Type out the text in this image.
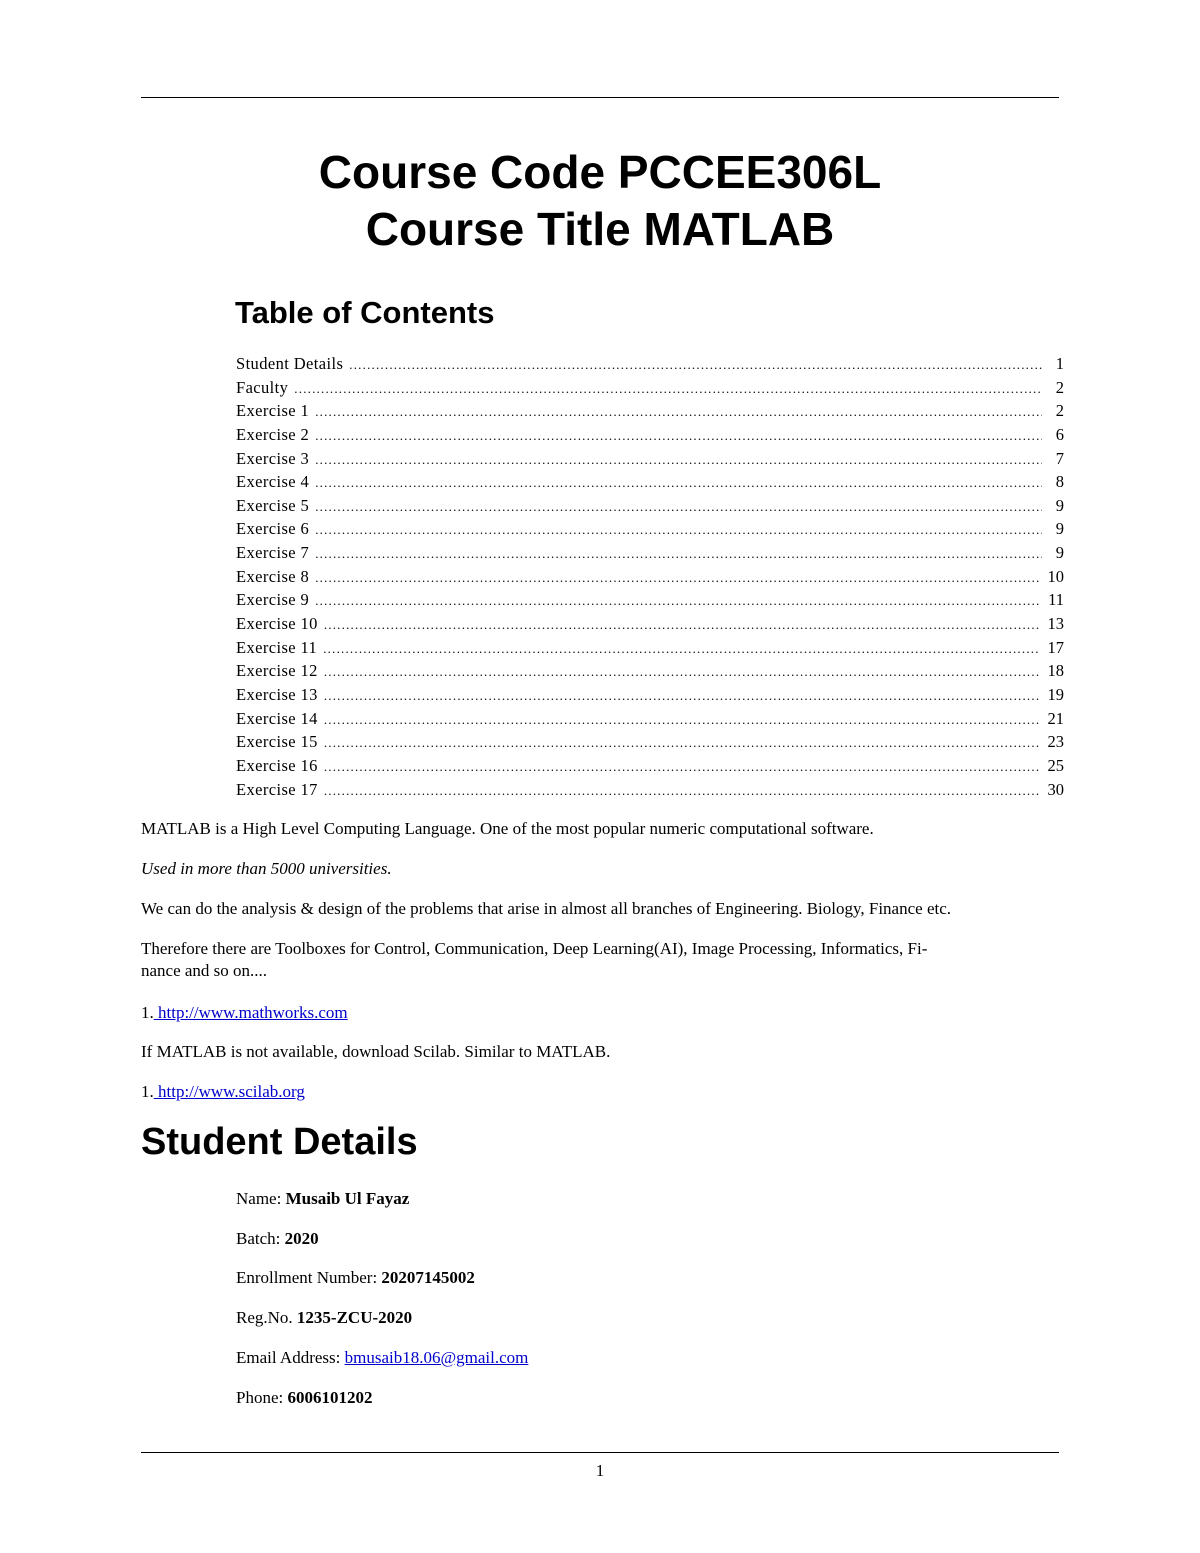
Course Code PCCEE306L
Course Title MATLAB
Table of Contents
Student Details .....	1
Faculty .....	2
Exercise 1 .....	2
Exercise 2 .....	6
Exercise 3 .....	7
Exercise 4 .....	8
Exercise 5 .....	9
Exercise 6 .....	9
Exercise 7 .....	9
Exercise 8 .....	10
Exercise 9 .....	11
Exercise 10 .....	13
Exercise 11 .....	17
Exercise 12 .....	18
Exercise 13 .....	19
Exercise 14 .....	21
Exercise 15 .....	23
Exercise 16 .....	25
Exercise 17 .....	30

MATLAB is a High Level Computing Language. One of the most popular numeric computational software.

Used in more than 5000 universities.

We can do the analysis & design of the problems that arise in almost all branches of Engineering. Biology, Finance etc.

Therefore there are Toolboxes for Control, Communication, Deep Learning(AI), Image Processing, Informatics, Fi-
nance and so on....

1. http://www.mathworks.com

If MATLAB is not available, download Scilab. Similar to MATLAB.

1. http://www.scilab.org

Student Details

Name: Musaib Ul Fayaz

Batch: 2020

Enrollment Number: 20207145002

Reg.No. 1235-ZCU-2020

Email Address: bmusaib18.06@gmail.com

Phone: 6006101202

1
